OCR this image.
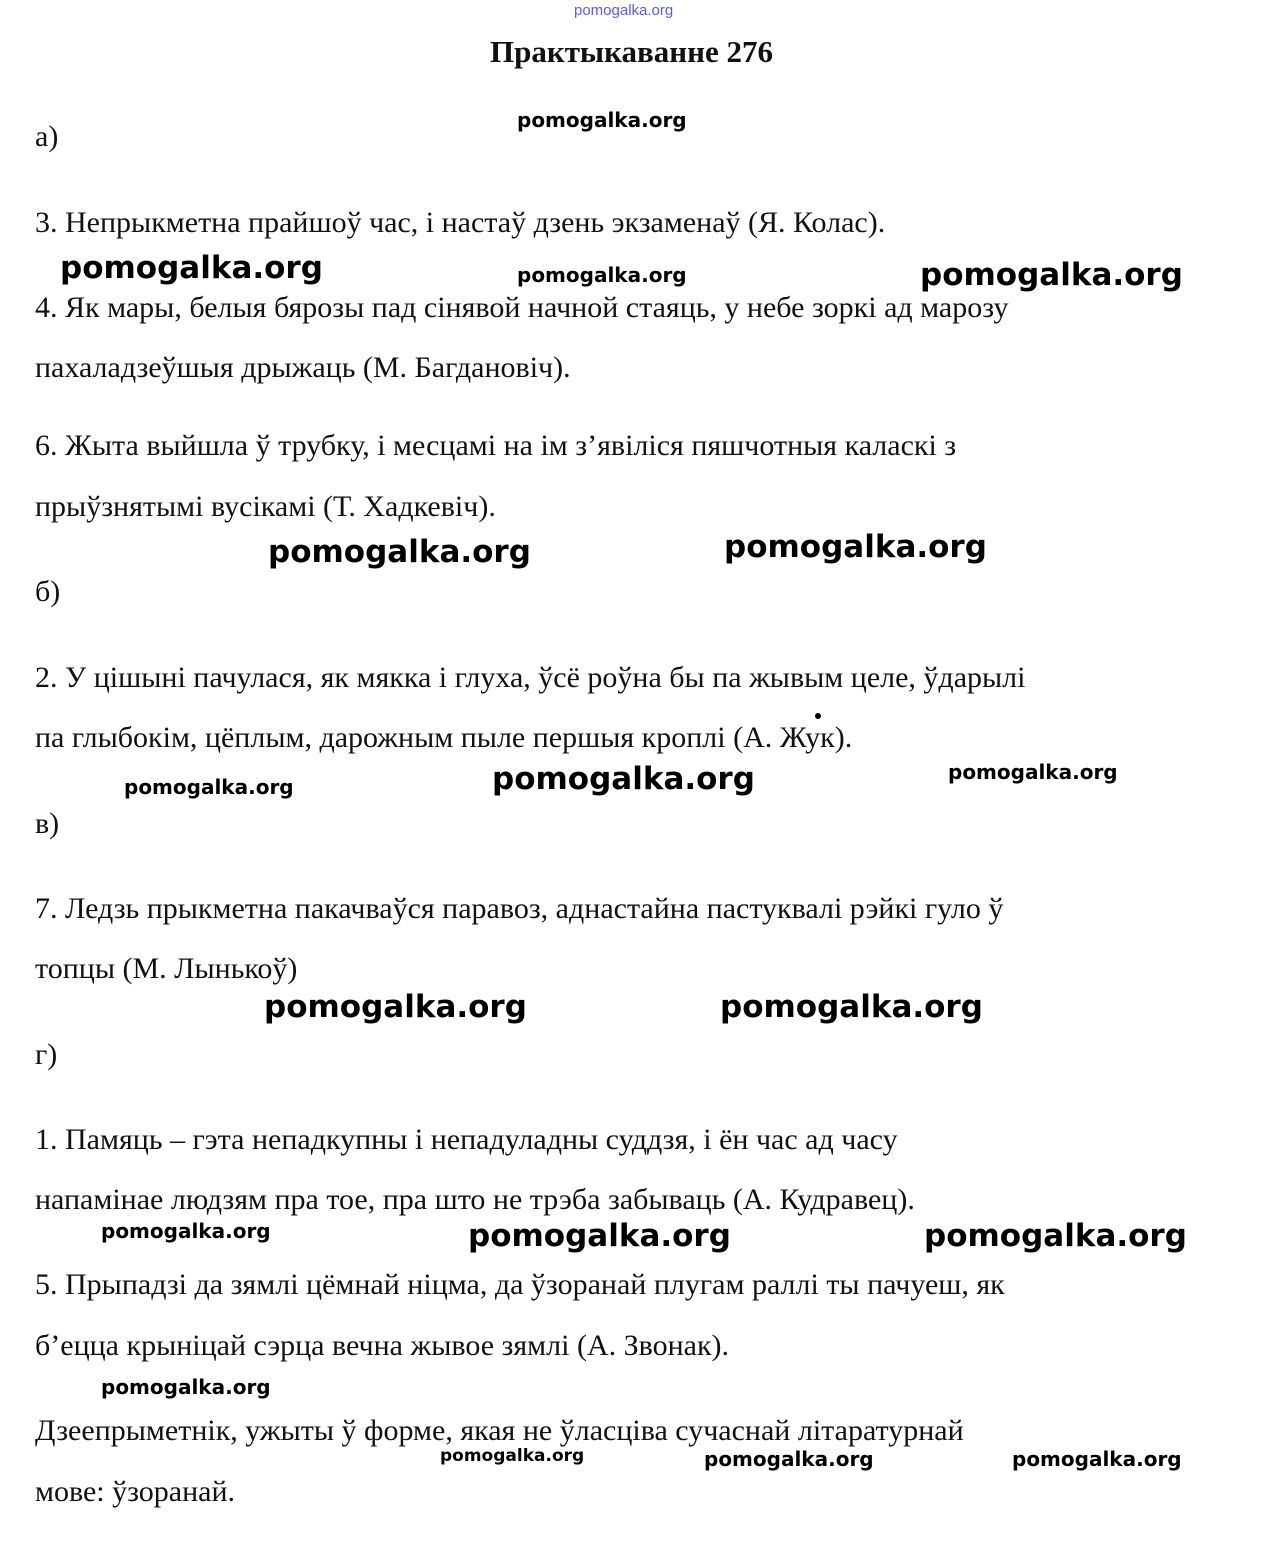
pomogalka.org
Практыкаванне 276
а)
3. Непрыкметна прайшоў час, і настаў дзень экзаменаў (Я. Колас).
4. Як мары, белыя бярозы пад сінявой начной стаяць, у небе зоркі ад марозу
пахаладзеўшыя дрыжаць (М. Багдановіч).
6. Жыта выйшла ў трубку, і месцамі на ім з’явіліся пяшчотныя каласкі з
прыўзнятымі вусікамі (Т. Хадкевіч).
б)
2. У цішыні пачулася, як мякка і глуха, ўсё роўна бы па жывым целе, ўдарылі
па глыбокім, цёплым, дарожным пыле першыя кроплі (А. Жук).
в)
7. Ледзь прыкметна пакачваўся паравоз, аднастайна пастуквалі рэйкі гуло ў
топцы (М. Лынькоў)
г)
1. Памяць – гэта непадкупны і непадуладны суддзя, і ён час ад часу
напамінае людзям пра тое, пра што не трэба забываць (А. Кудравец).
5. Прыпадзі да зямлі цёмнай ніцма, да ўзоранай плугам раллі ты пачуеш, як
б’ецца крыніцай сэрца вечна жывое зямлі (А. Звонак).
Дзеепрыметнік, ужыты ў форме, якая не ўласціва сучаснай літаратурнай
мове: ўзоранай.
pomogalka.org
pomogalka.org	pomogalka.org	pomogalka.org
pomogalka.org	pomogalka.org
pomogalka.org
pomogalka.org	pomogalka.org
pomogalka.org	pomogalka.org
pomogalka.org	pomogalka.org	pomogalka.org
pomogalka.org
pomogalka.org	pomogalka.org	pomogalka.org
